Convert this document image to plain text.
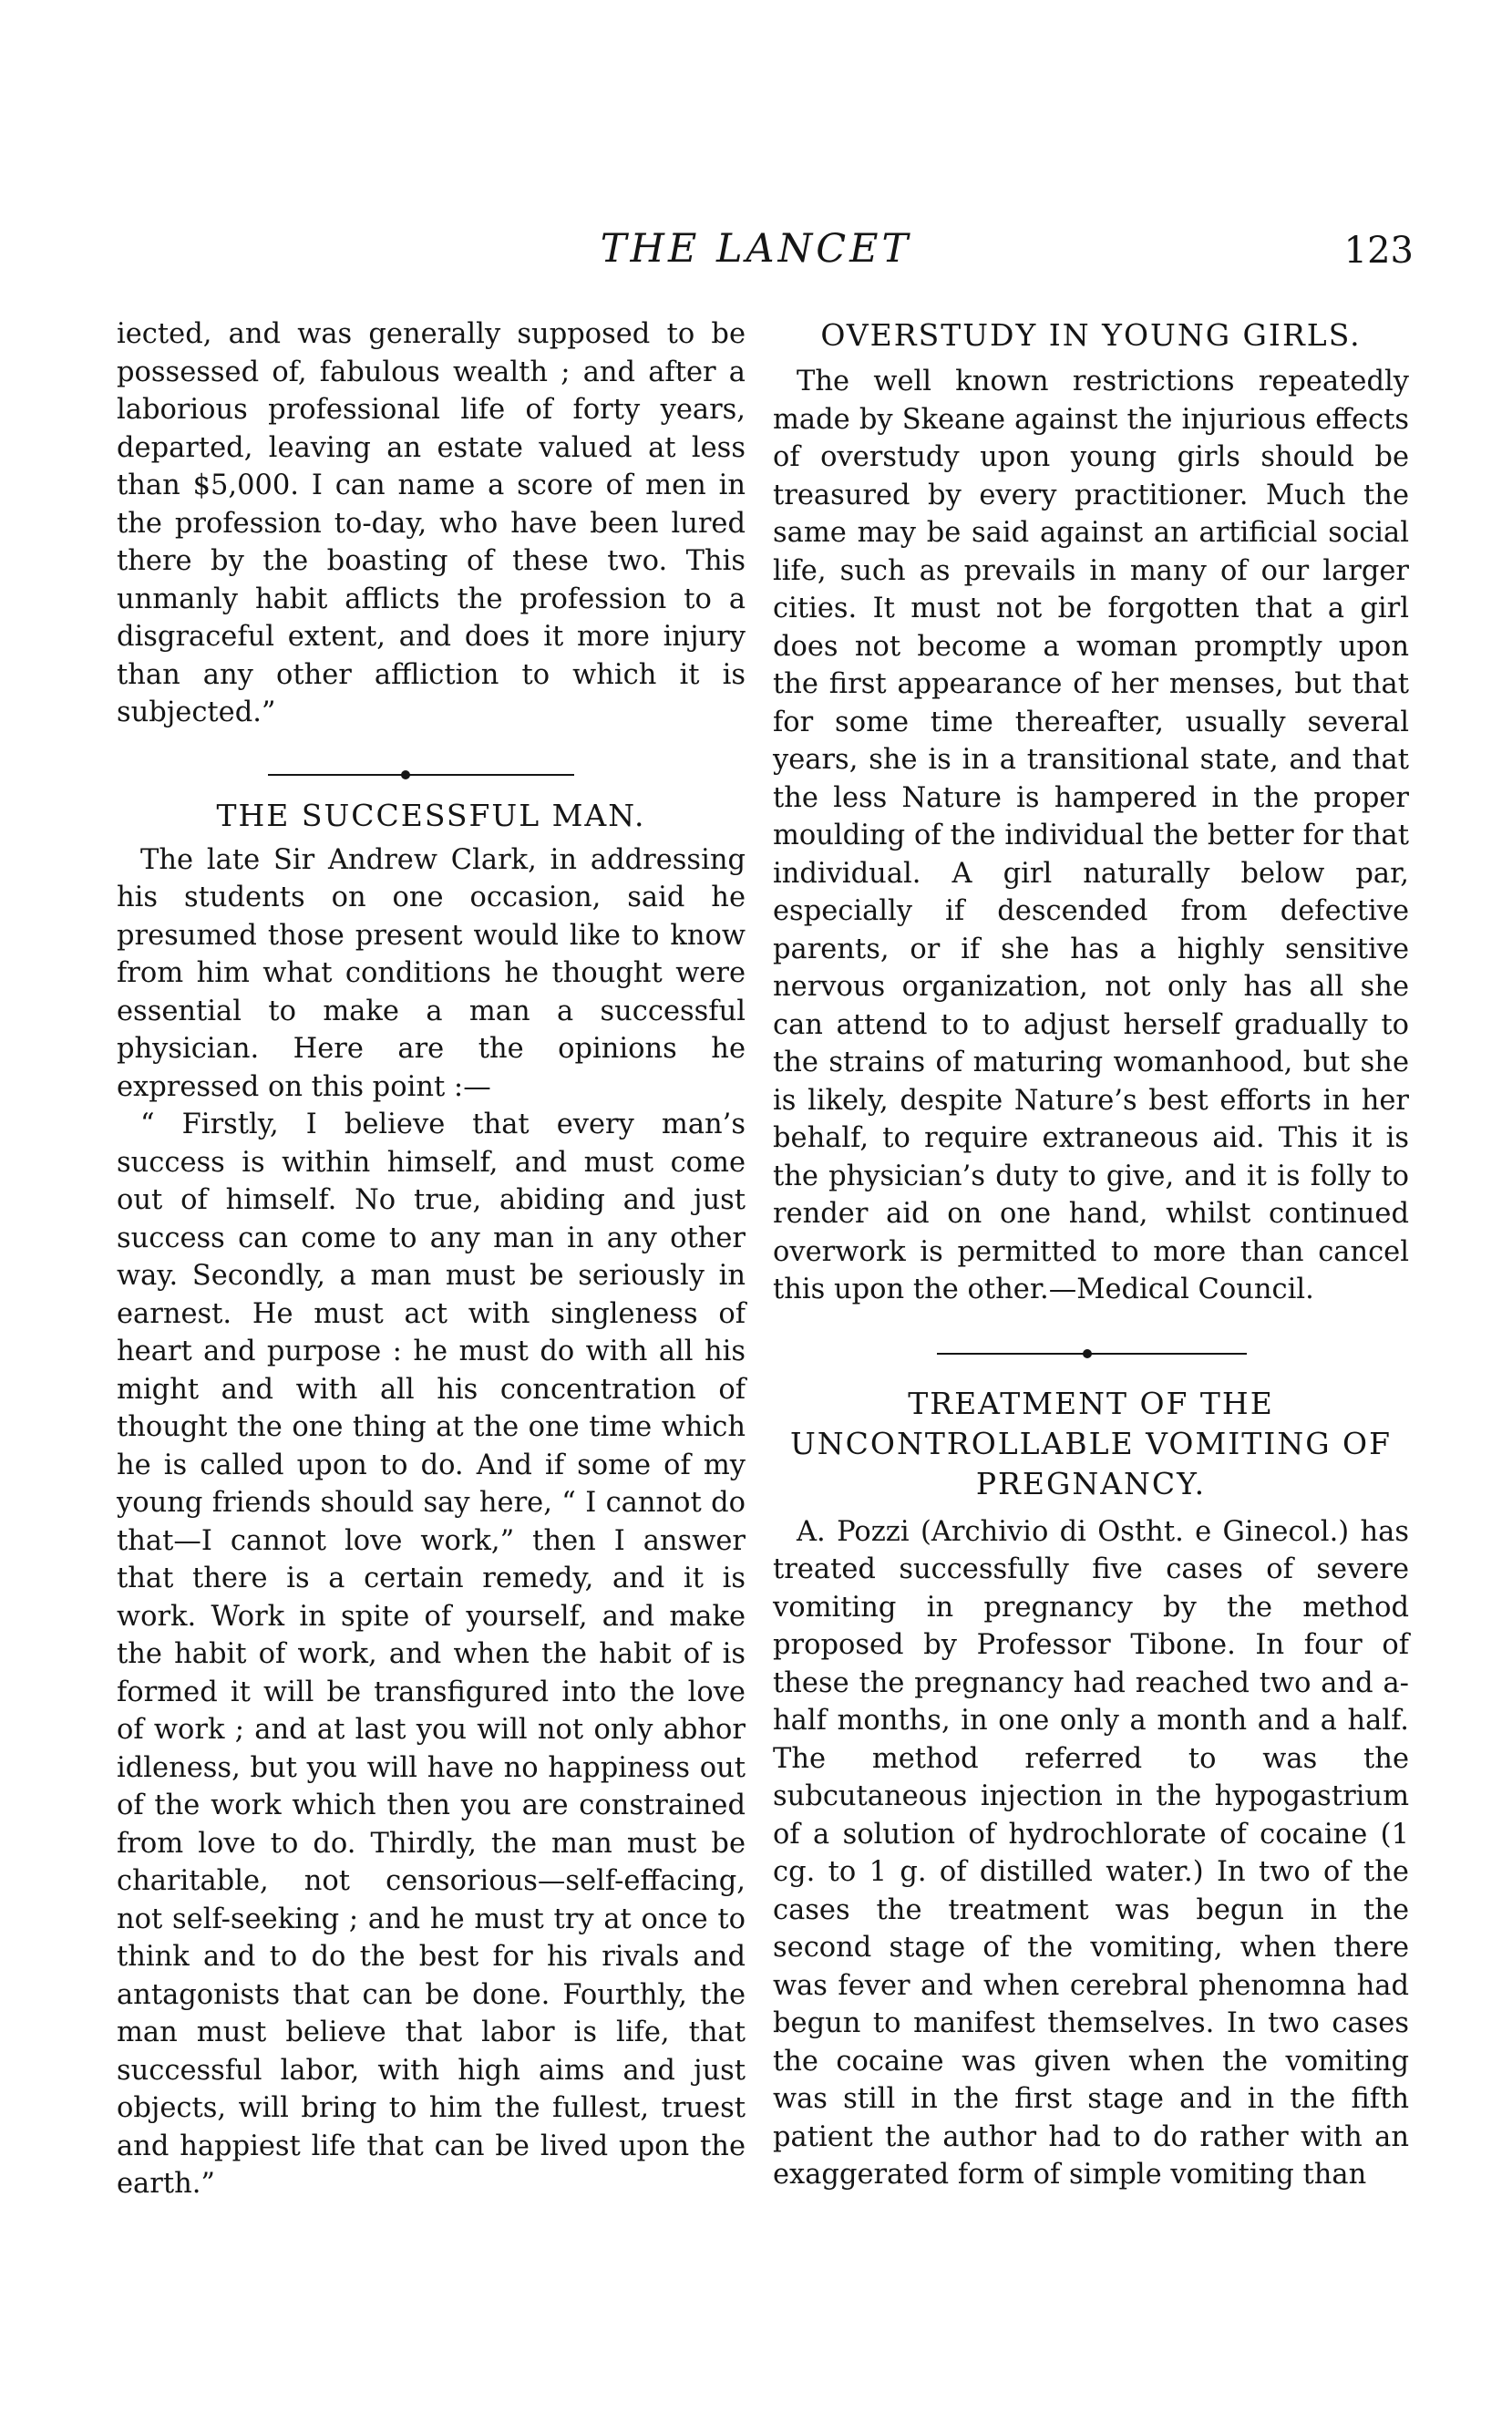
THE LANCET	123

iected, and was generally supposed to be possessed of, fabulous wealth ; and after a laborious professional life of forty years, departed, leaving an estate valued at less than $5,000. I can name a score of men in the profession to-day, who have been lured there by the boasting of these two. This unmanly habit afflicts the profession to a disgraceful extent, and does it more injury than any other affliction to which it is subjected.”

THE SUCCESSFUL MAN.

The late Sir Andrew Clark, in addressing his students on one occasion, said he presumed those present would like to know from him what conditions he thought were essential to make a man a successful physician. Here are the opinions he expressed on this point :—

“ Firstly, I believe that every man’s success is within himself, and must come out of himself. No true, abiding and just success can come to any man in any other way. Secondly, a man must be seriously in earnest. He must act with singleness of heart and purpose : he must do with all his might and with all his concentration of thought the one thing at the one time which he is called upon to do. And if some of my young friends should say here, “ I cannot do that—I cannot love work,” then I answer that there is a certain remedy, and it is work. Work in spite of yourself, and make the habit of work, and when the habit of is formed it will be transfigured into the love of work ; and at last you will not only abhor idleness, but you will have no happiness out of the work which then you are constrained from love to do. Thirdly, the man must be charitable, not censorious—self-effacing, not self-seeking ; and he must try at once to think and to do the best for his rivals and antagonists that can be done. Fourthly, the man must believe that labor is life, that successful labor, with high aims and just objects, will bring to him the fullest, truest and happiest life that can be lived upon the earth.”

OVERSTUDY IN YOUNG GIRLS.

The well known restrictions repeatedly made by Skeane against the injurious effects of overstudy upon young girls should be treasured by every practitioner. Much the same may be said against an artificial social life, such as prevails in many of our larger cities. It must not be forgotten that a girl does not become a woman promptly upon the first appearance of her menses, but that for some time thereafter, usually several years, she is in a transitional state, and that the less Nature is hampered in the proper moulding of the individual the better for that individual. A girl naturally below par, especially if descended from defective parents, or if she has a highly sensitive nervous organization, not only has all she can attend to to adjust herself gradually to the strains of maturing womanhood, but she is likely, despite Nature’s best efforts in her behalf, to require extraneous aid. This it is the physician’s duty to give, and it is folly to render aid on one hand, whilst continued overwork is permitted to more than cancel this upon the other.—Medical Council.

TREATMENT OF THE UNCONTROLLABLE VOMITING OF PREGNANCY.

A. Pozzi (Archivio di Ostht. e Ginecol.) has treated successfully five cases of severe vomiting in pregnancy by the method proposed by Professor Tibone. In four of these the pregnancy had reached two and a-half months, in one only a month and a half. The method referred to was the subcutaneous injection in the hypogastrium of a solution of hydrochlorate of cocaine (1 cg. to 1 g. of distilled water.) In two of the cases the treatment was begun in the second stage of the vomiting, when there was fever and when cerebral phenomna had begun to manifest themselves. In two cases the cocaine was given when the vomiting was still in the first stage and in the fifth patient the author had to do rather with an exaggerated form of simple vomiting than
